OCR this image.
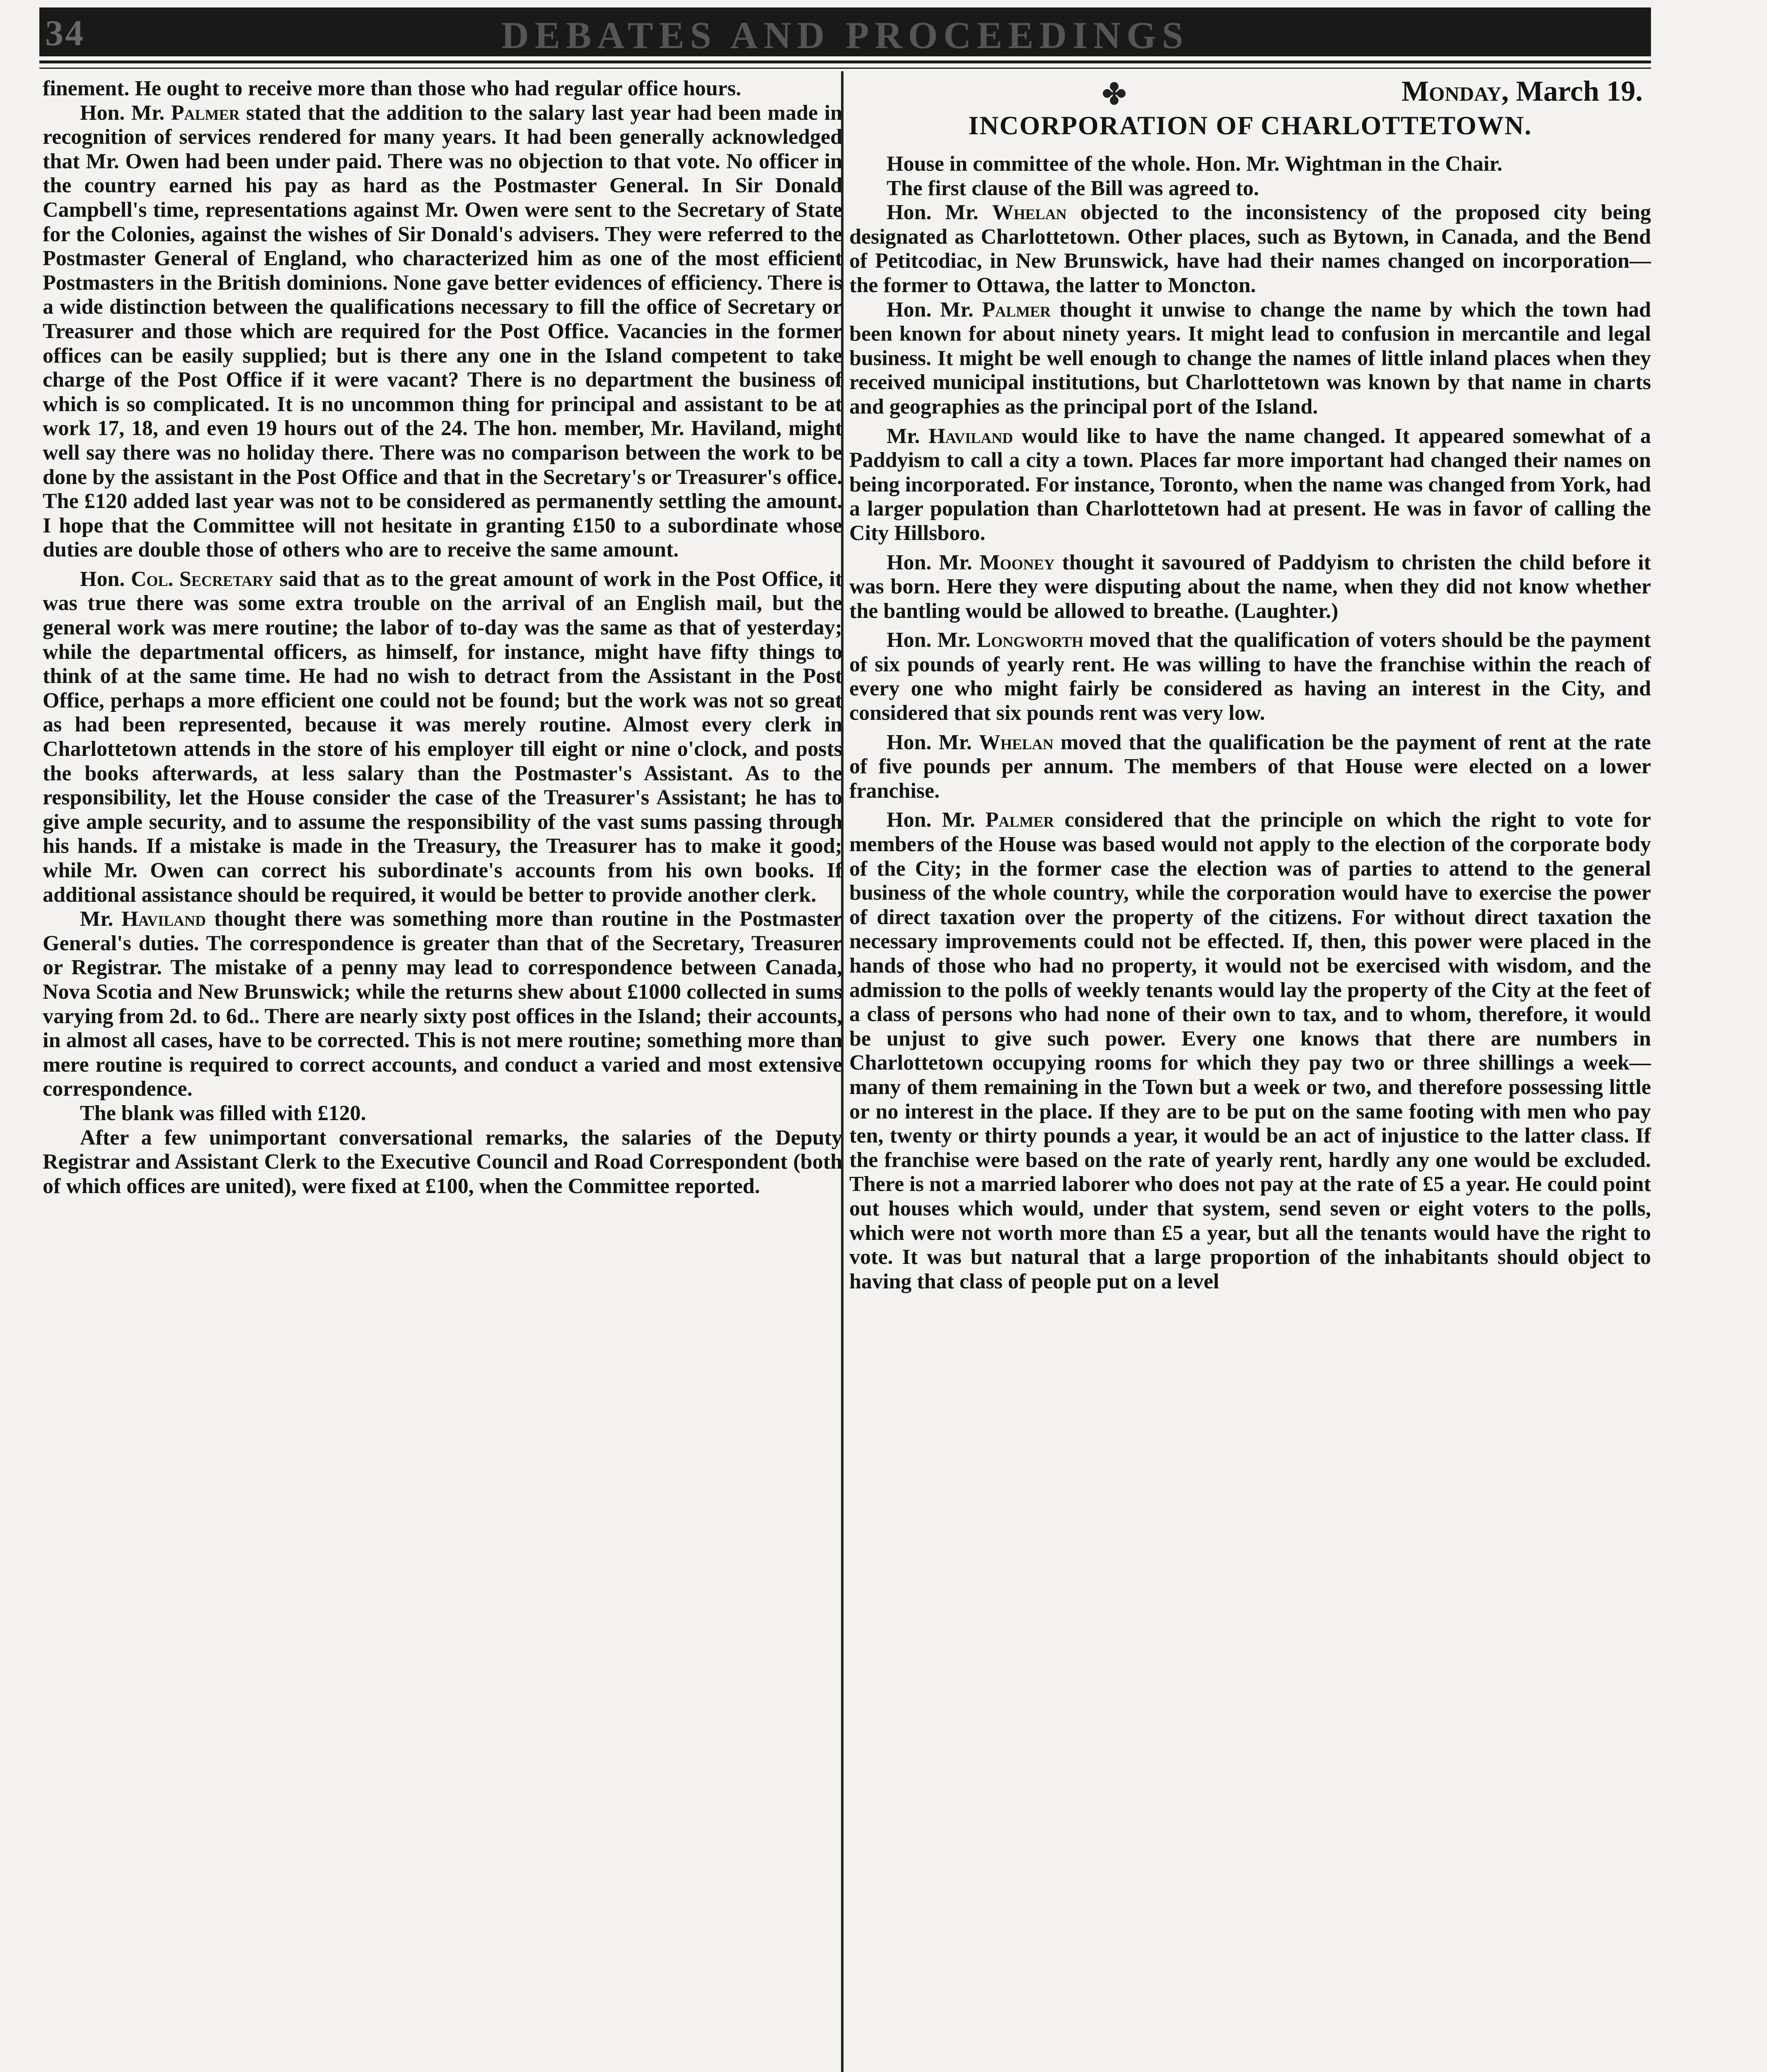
34	DEBATES AND PROCEEDINGS

finement. He ought to receive more than those who had regular office hours.

Hon. Mr. Palmer stated that the addition to the salary last year had been made in recognition of services rendered for many years. It had been generally acknowledged that Mr. Owen had been under paid. There was no objection to that vote. No officer in the country earned his pay as hard as the Postmaster General. In Sir Donald Campbell's time, representations against Mr. Owen were sent to the Secretary of State for the Colonies, against the wishes of Sir Donald's advisers. They were referred to the Postmaster General of England, who characterized him as one of the most efficient Postmasters in the British dominions. None gave better evidences of efficiency. There is a wide distinction between the qualifications necessary to fill the office of Secretary or Treasurer and those which are required for the Post Office. Vacancies in the former offices can be easily supplied; but is there any one in the Island competent to take charge of the Post Office if it were vacant? There is no department the business of which is so complicated. It is no uncommon thing for principal and assistant to be at work 17, 18, and even 19 hours out of the 24. The hon. member, Mr. Haviland, might well say there was no holiday there. There was no comparison between the work to be done by the assistant in the Post Office and that in the Secretary's or Treasurer's office. The £120 added last year was not to be considered as permanently settling the amount. I hope that the Committee will not hesitate in granting £150 to a subordinate whose duties are double those of others who are to receive the same amount.

Hon. Col. Secretary said that as to the great amount of work in the Post Office, it was true there was some extra trouble on the arrival of an English mail, but the general work was mere routine; the labor of to-day was the same as that of yesterday; while the departmental officers, as himself, for instance, might have fifty things to think of at the same time. He had no wish to detract from the Assistant in the Post Office, perhaps a more efficient one could not be found; but the work was not so great as had been represented, because it was merely routine. Almost every clerk in Charlottetown attends in the store of his employer till eight or nine o'clock, and posts the books afterwards, at less salary than the Postmaster's Assistant. As to the responsibility, let the House consider the case of the Treasurer's Assistant; he has to give ample security, and to assume the responsibility of the vast sums passing through his hands. If a mistake is made in the Treasury, the Treasurer has to make it good; while Mr. Owen can correct his subordinate's accounts from his own books. If additional assistance should be required, it would be better to provide another clerk.

Mr. Haviland thought there was something more than routine in the Postmaster General's duties. The correspondence is greater than that of the Secretary, Treasurer or Registrar. The mistake of a penny may lead to correspondence between Canada, Nova Scotia and New Brunswick; while the returns shew about £1000 collected in sums varying from 2d. to 6d.. There are nearly sixty post offices in the Island; their accounts, in almost all cases, have to be corrected. This is not mere routine; something more than mere routine is required to correct accounts, and conduct a varied and most extensive correspondence.

The blank was filled with £120.

After a few unimportant conversational remarks, the salaries of the Deputy Registrar and Assistant Clerk to the Executive Council and Road Correspondent (both of which offices are united), were fixed at £100, when the Committee reported.

✤	Monday, March 19.
INCORPORATION OF CHARLOTTETOWN.

House in committee of the whole. Hon. Mr. Wightman in the Chair.

The first clause of the Bill was agreed to.

Hon. Mr. Whelan objected to the inconsistency of the proposed city being designated as Charlottetown. Other places, such as Bytown, in Canada, and the Bend of Petitcodiac, in New Brunswick, have had their names changed on incorporation—the former to Ottawa, the latter to Moncton.

Hon. Mr. Palmer thought it unwise to change the name by which the town had been known for about ninety years. It might lead to confusion in mercantile and legal business. It might be well enough to change the names of little inland places when they received municipal institutions, but Charlottetown was known by that name in charts and geographies as the principal port of the Island.

Mr. Haviland would like to have the name changed. It appeared somewhat of a Paddyism to call a city a town. Places far more important had changed their names on being incorporated. For instance, Toronto, when the name was changed from York, had a larger population than Charlottetown had at present. He was in favor of calling the City Hillsboro.

Hon. Mr. Mooney thought it savoured of Paddyism to christen the child before it was born. Here they were disputing about the name, when they did not know whether the bantling would be allowed to breathe. (Laughter.)

Hon. Mr. Longworth moved that the qualification of voters should be the payment of six pounds of yearly rent. He was willing to have the franchise within the reach of every one who might fairly be considered as having an interest in the City, and considered that six pounds rent was very low.

Hon. Mr. Whelan moved that the qualification be the payment of rent at the rate of five pounds per annum. The members of that House were elected on a lower franchise.

Hon. Mr. Palmer considered that the principle on which the right to vote for members of the House was based would not apply to the election of the corporate body of the City; in the former case the election was of parties to attend to the general business of the whole country, while the corporation would have to exercise the power of direct taxation over the property of the citizens. For without direct taxation the necessary improvements could not be effected. If, then, this power were placed in the hands of those who had no property, it would not be exercised with wisdom, and the admission to the polls of weekly tenants would lay the property of the City at the feet of a class of persons who had none of their own to tax, and to whom, therefore, it would be unjust to give such power. Every one knows that there are numbers in Charlottetown occupying rooms for which they pay two or three shillings a week—many of them remaining in the Town but a week or two, and therefore possessing little or no interest in the place. If they are to be put on the same footing with men who pay ten, twenty or thirty pounds a year, it would be an act of injustice to the latter class. If the franchise were based on the rate of yearly rent, hardly any one would be excluded. There is not a married laborer who does not pay at the rate of £5 a year. He could point out houses which would, under that system, send seven or eight voters to the polls, which were not worth more than £5 a year, but all the tenants would have the right to vote. It was but natural that a large proportion of the inhabitants should object to having that class of people put on a level
